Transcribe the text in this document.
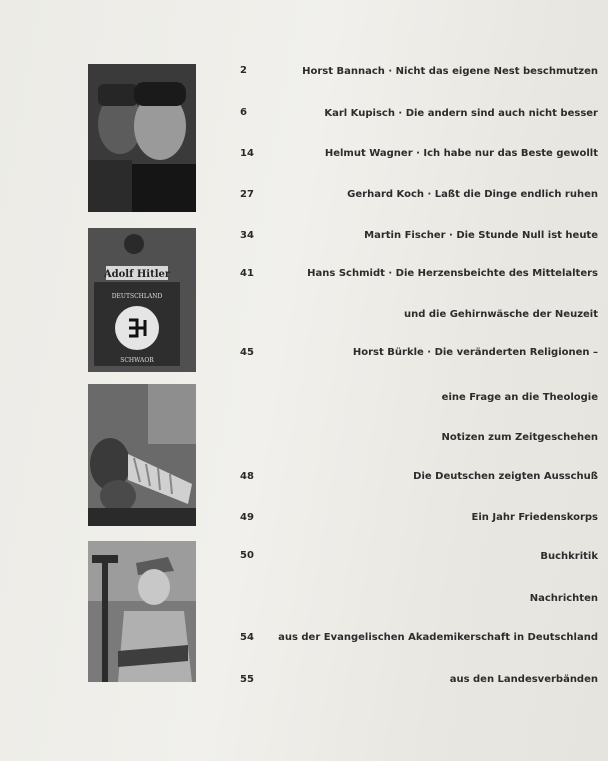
Adolf Hitler
DEUTSCHLAND
SCHWAOR
2
6
14
27
34
41
45
48
49
50
54
55
Horst Bannach · Nicht das eigene Nest beschmutzen
Karl Kupisch · Die andern sind auch nicht besser
Helmut Wagner · Ich habe nur das Beste gewollt
Gerhard Koch · Laßt die Dinge endlich ruhen
Martin Fischer · Die Stunde Null ist heute
Hans Schmidt · Die Herzensbeichte des Mittelalters
und die Gehirnwäsche der Neuzeit
Horst Bürkle · Die veränderten Religionen –
eine Frage an die Theologie
Notizen zum Zeitgeschehen
Die Deutschen zeigten Ausschuß
Ein Jahr Friedenskorps
Buchkritik
Nachrichten
aus der Evangelischen Akademikerschaft in Deutschland
aus den Landesverbänden
